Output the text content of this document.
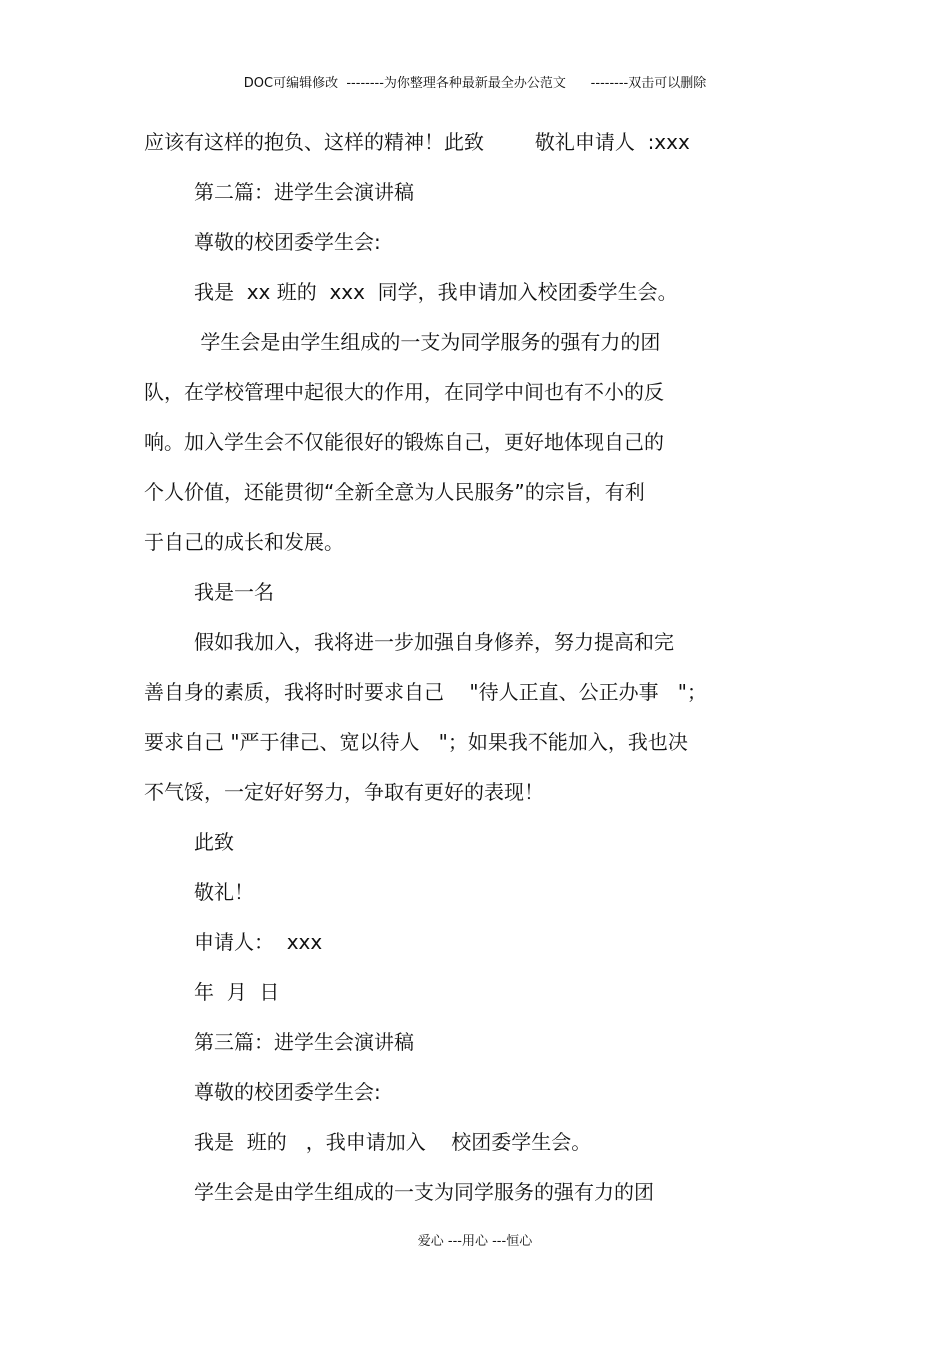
DOC可编辑修改  --------为你整理各种最新最全办公范文      --------双击可以删除
应该有这样的抱负、这样的精神！此致        敬礼申请人  :xxx
第二篇：进学生会演讲稿
尊敬的校团委学生会:
我是  xx 班的  xxx  同学，我申请加入校团委学生会。
学生会是由学生组成的一支为同学服务的强有力的团
队，在学校管理中起很大的作用，在同学中间也有不小的反
响。加入学生会不仅能很好的锻炼自己，更好地体现自己的
个人价值，还能贯彻“全新全意为人民服务”的宗旨，有利
于自己的成长和发展。
我是一名
假如我加入，我将进一步加强自身修养，努力提高和完
善自身的素质，我将时时要求自己    "待人正直、公正办事   "；
要求自己 "严于律己、宽以待人   "；如果我不能加入，我也决
不气馁，一定好好努力，争取有更好的表现！
此致
敬礼！
申请人：  xxx
年  月  日
第三篇：进学生会演讲稿
尊敬的校团委学生会:
我是  班的   ，我申请加入    校团委学生会。
学生会是由学生组成的一支为同学服务的强有力的团
爱心 ---用心 ---恒心
